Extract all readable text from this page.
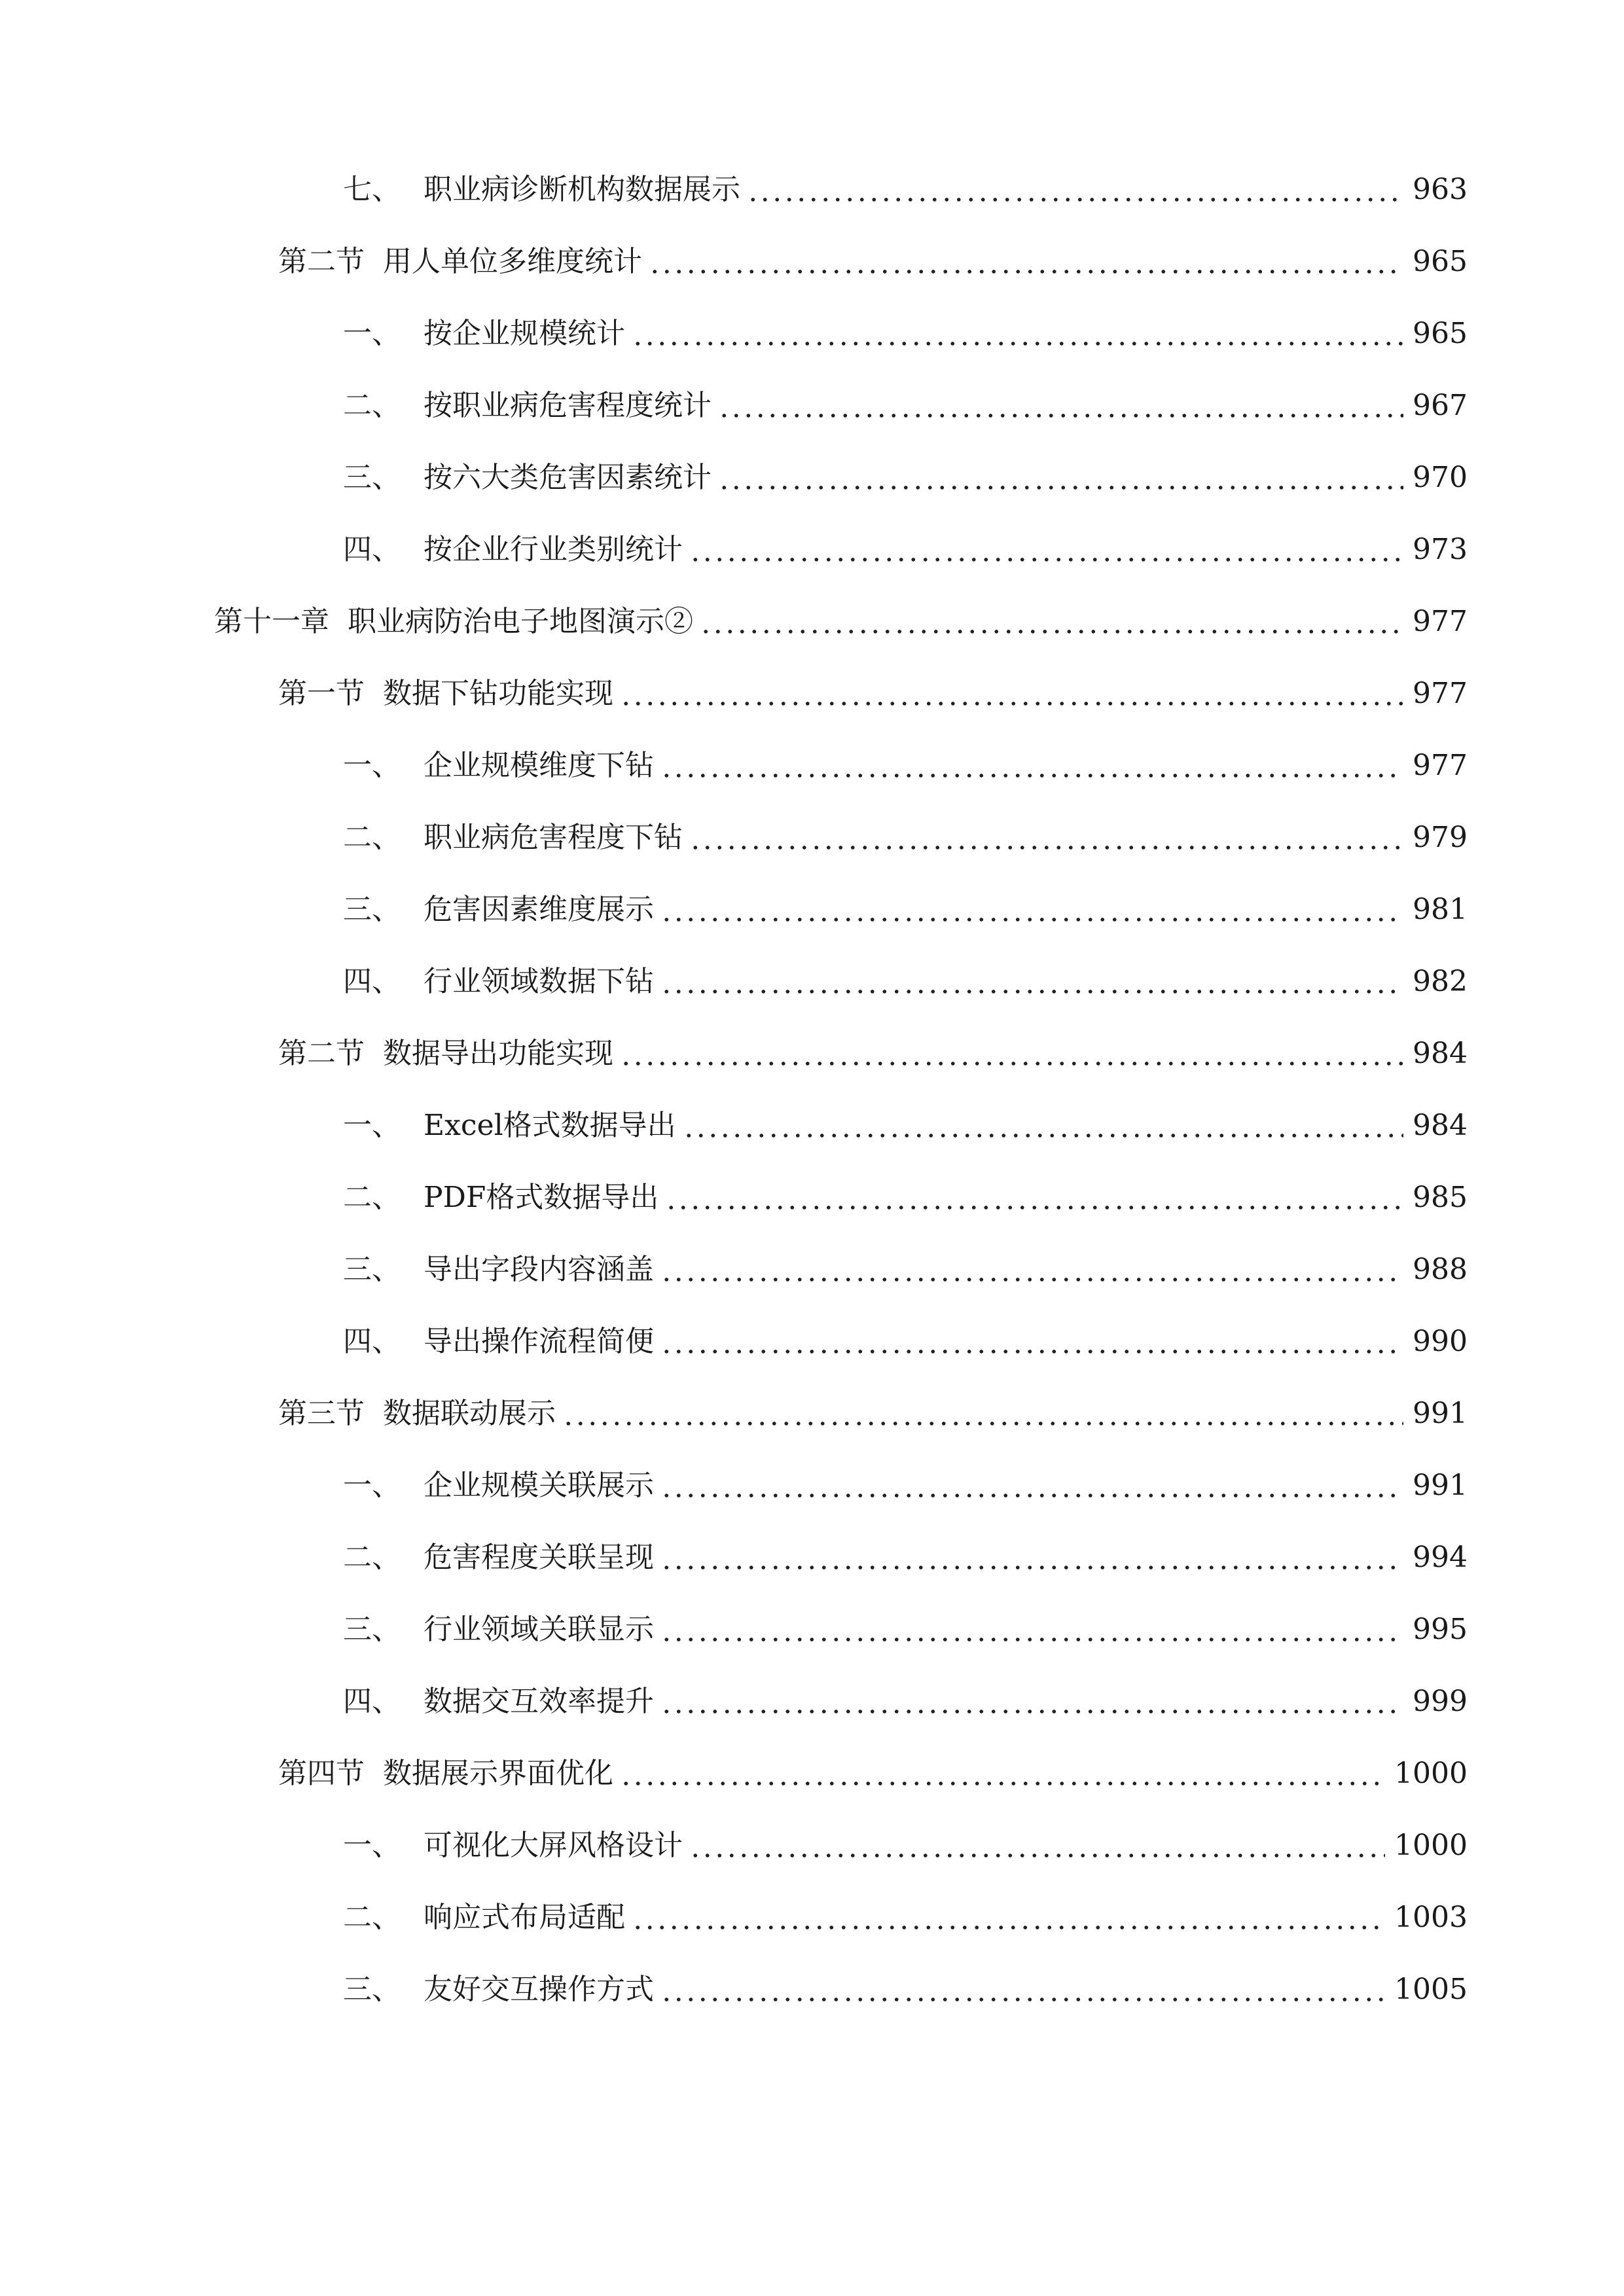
七、 职业病诊断机构数据展示	963
第二节 用人单位多维度统计	965
一、 按企业规模统计	965
二、 按职业病危害程度统计	967
三、 按六大类危害因素统计	970
四、 按企业行业类别统计	973
第十一章 职业病防治电子地图演示②	977
第一节 数据下钻功能实现	977
一、 企业规模维度下钻	977
二、 职业病危害程度下钻	979
三、 危害因素维度展示	981
四、 行业领域数据下钻	982
第二节 数据导出功能实现	984
一、 Excel格式数据导出	984
二、 PDF格式数据导出	985
三、 导出字段内容涵盖	988
四、 导出操作流程简便	990
第三节 数据联动展示	991
一、 企业规模关联展示	991
二、 危害程度关联呈现	994
三、 行业领域关联显示	995
四、 数据交互效率提升	999
第四节 数据展示界面优化	1000
一、 可视化大屏风格设计	1000
二、 响应式布局适配	1003
三、 友好交互操作方式	1005
